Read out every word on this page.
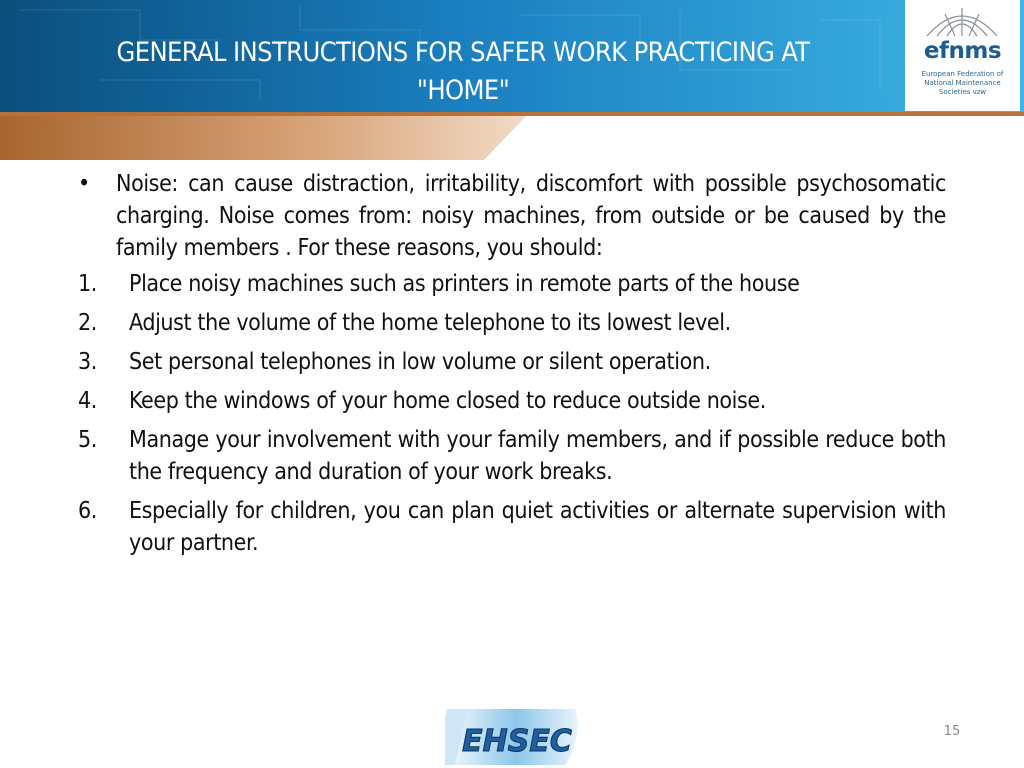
GENERAL INSTRUCTIONS FOR SAFER WORK PRACTICING AT
"HOME"
efnms
European Federation of
National Maintenance
Societies vzw
•	Noise: can cause distraction, irritability, discomfort with possible psychosomatic charging. Noise comes from: noisy machines, from outside or be caused by the family members . For these reasons, you should:
1.	Place noisy machines such as printers in remote parts of the house
2.	Adjust the volume of the home telephone to its lowest level.
3.	Set personal telephones in low volume or silent operation.
4.	Keep the windows of your home closed to reduce outside noise.
5.	Manage your involvement with your family members, and if possible reduce both the frequency and duration of your work breaks.
6.	Especially for children, you can plan quiet activities or alternate supervision with your partner.
EHSEC	15
